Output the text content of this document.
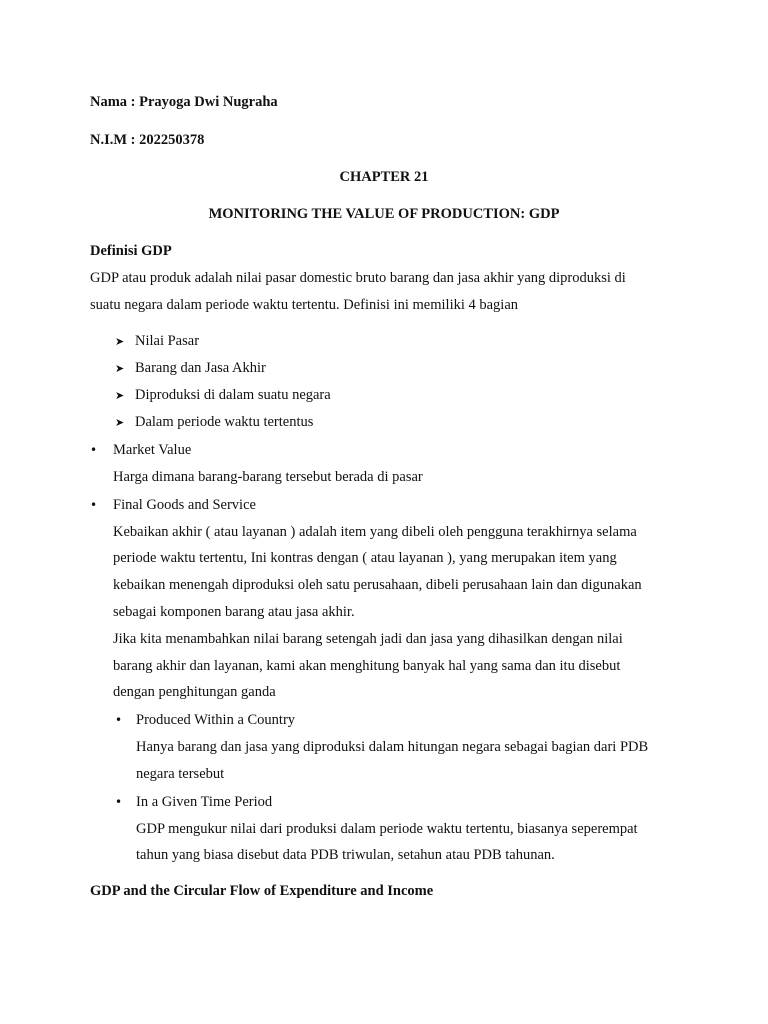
Nama : Prayoga Dwi Nugraha
N.I.M : 202250378
CHAPTER 21
MONITORING THE VALUE OF PRODUCTION: GDP
Definisi GDP
GDP atau produk adalah nilai pasar domestic bruto barang dan jasa akhir yang diproduksi di
suatu negara dalam periode waktu tertentu. Definisi ini memiliki 4 bagian
➤ Nilai Pasar
➤ Barang dan Jasa Akhir
➤ Diproduksi di dalam suatu negara
➤ Dalam periode waktu tertentus
• Market Value
Harga dimana barang-barang tersebut berada di pasar
• Final Goods and Service
Kebaikan akhir ( atau layanan ) adalah item yang dibeli oleh pengguna terakhirnya selama
periode waktu tertentu, Ini kontras dengan ( atau layanan ), yang merupakan item yang
kebaikan menengah diproduksi oleh satu perusahaan, dibeli perusahaan lain dan digunakan
sebagai komponen barang atau jasa akhir.
Jika kita menambahkan nilai barang setengah jadi dan jasa yang dihasilkan dengan nilai
barang akhir dan layanan, kami akan menghitung banyak hal yang sama dan itu disebut
dengan penghitungan ganda
• Produced Within a Country
Hanya barang dan jasa yang diproduksi dalam hitungan negara sebagai bagian dari PDB
negara tersebut
• In a Given Time Period
GDP mengukur nilai dari produksi dalam periode waktu tertentu, biasanya seperempat
tahun yang biasa disebut data PDB triwulan, setahun atau PDB tahunan.
GDP and the Circular Flow of Expenditure and Income
